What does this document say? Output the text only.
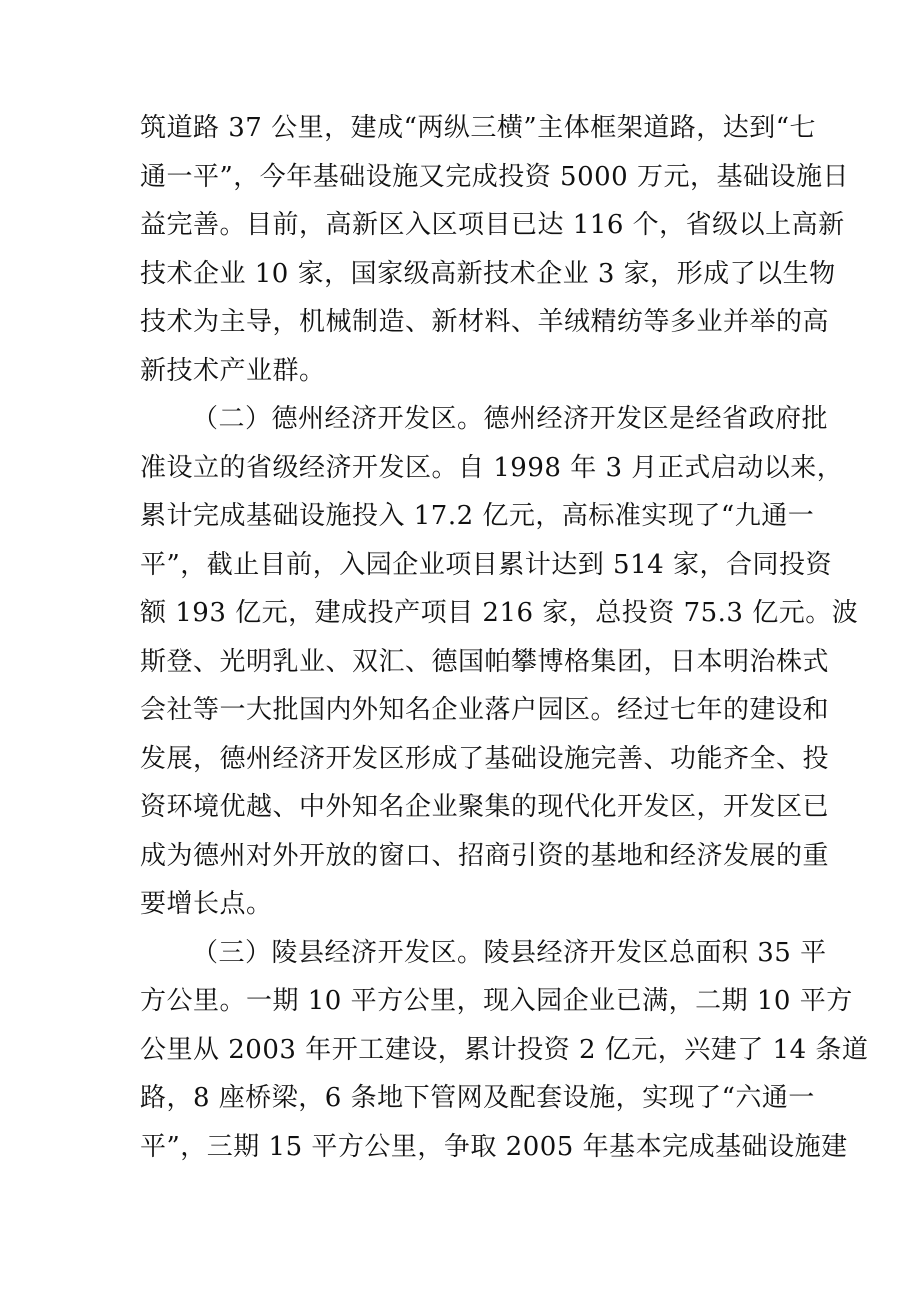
筑道路 37 公里，建成“两纵三横”主体框架道路，达到“七
通一平”，今年基础设施又完成投资 5000 万元，基础设施日
益完善。目前，高新区入区项目已达 116 个，省级以上高新
技术企业 10 家，国家级高新技术企业 3 家，形成了以生物
技术为主导，机械制造、新材料、羊绒精纺等多业并举的高
新技术产业群。
（二）德州经济开发区。德州经济开发区是经省政府批
准设立的省级经济开发区。自 1998 年 3 月正式启动以来，
累计完成基础设施投入 17.2 亿元，高标准实现了“九通一
平”，截止目前，入园企业项目累计达到 514 家，合同投资
额 193 亿元，建成投产项目 216 家，总投资 75.3 亿元。波
斯登、光明乳业、双汇、德国帕攀博格集团，日本明治株式
会社等一大批国内外知名企业落户园区。经过七年的建设和
发展，德州经济开发区形成了基础设施完善、功能齐全、投
资环境优越、中外知名企业聚集的现代化开发区，开发区已
成为德州对外开放的窗口、招商引资的基地和经济发展的重
要增长点。
（三）陵县经济开发区。陵县经济开发区总面积 35 平
方公里。一期 10 平方公里，现入园企业已满，二期 10 平方
公里从 2003 年开工建设，累计投资 2 亿元，兴建了 14 条道
路，8 座桥梁，6 条地下管网及配套设施，实现了“六通一
平”，三期 15 平方公里，争取 2005 年基本完成基础设施建
